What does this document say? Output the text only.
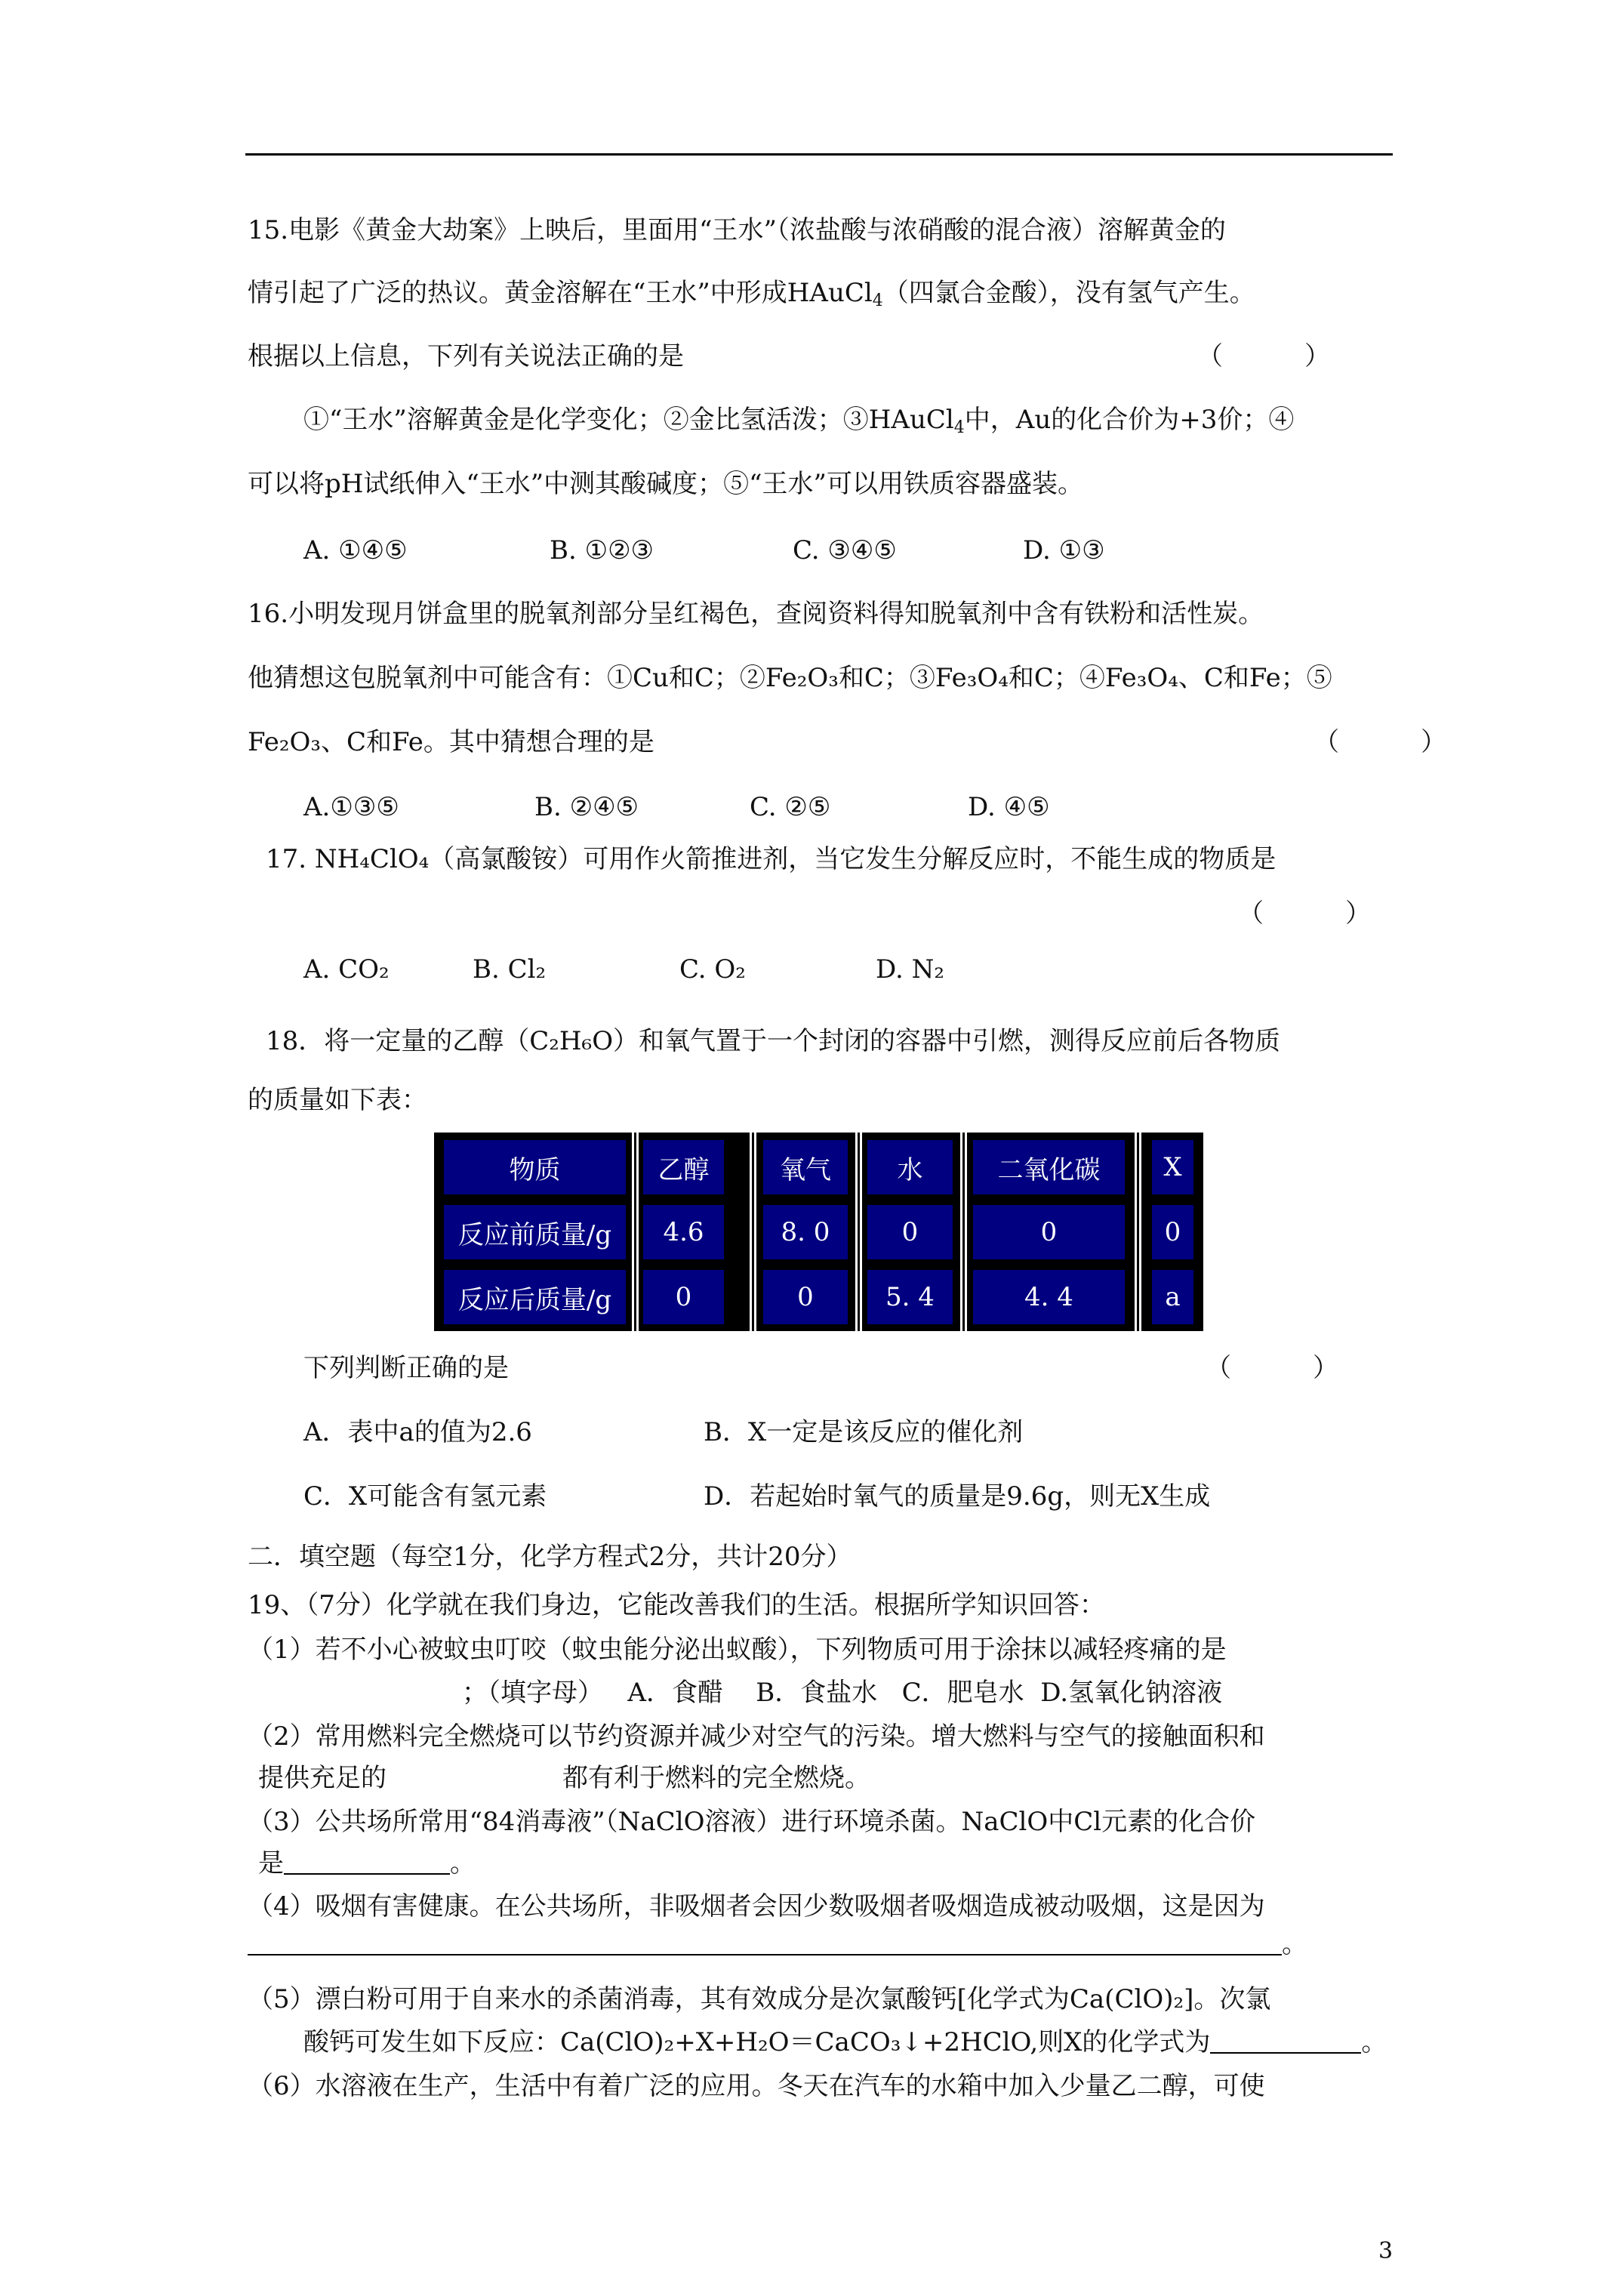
15.电影《黄金大劫案》上映后，里面用“王水”（浓盐酸与浓硝酸的混合液）溶解黄金的
情引起了广泛的热议。黄金溶解在“王水”中形成HAuCl$_4$（四氯合金酸），没有氢气产生。
根据以上信息，下列有关说法正确的是	（          ）
①“王水”溶解黄金是化学变化；②金比氢活泼；③HAuCl$_4$中，Au的化合价为+3价；④
可以将pH试纸伸入“王水”中测其酸碱度；⑤“王水”可以用铁质容器盛装。
A. ①④⑤	B. ①②③	C. ③④⑤	D. ①③
16.小明发现月饼盒里的脱氧剂部分呈红褐色，查阅资料得知脱氧剂中含有铁粉和活性炭。
他猜想这包脱氧剂中可能含有：①Cu和C；②Fe₂O₃和C；③Fe₃O₄和C；④Fe₃O₄、C和Fe；⑤
Fe₂O₃、C和Fe。其中猜想合理的是	（          ）
A.①③⑤	B. ②④⑤	C. ②⑤	D. ④⑤
17. NH₄ClO₄（高氯酸铵）可用作火箭推进剂，当它发生分解反应时，不能生成的物质是
（          ）
A. CO₂	B. Cl₂	C. O₂	D. N₂
18．将一定量的乙醇（C₂H₆O）和氧气置于一个封闭的容器中引燃，测得反应前后各物质
的质量如下表：
物质	乙醇	氧气	水	二氧化碳	X
反应前质量/g	4.6	8. 0	0	0	0
反应后质量/g	0	0	5. 4	4. 4	a
下列判断正确的是	（          ）
A．表中a的值为2.6	B．X一定是该反应的催化剂
C．X可能含有氢元素	D．若起始时氧气的质量是9.6g，则无X生成
二．填空题（每空1分，化学方程式2分，共计20分）
19、（7分）化学就在我们身边，它能改善我们的生活。根据所学知识回答：
（1）若不小心被蚊虫叮咬（蚊虫能分泌出蚁酸），下列物质可用于涂抹以减轻疼痛的是
；（填字母）   A．食醋    B．食盐水   C．肥皂水  D.氢氧化钠溶液
（2）常用燃料完全燃烧可以节约资源并减少对空气的污染。增大燃料与空气的接触面积和
提供充足的	都有利于燃料的完全燃烧。
（3）公共场所常用“84消毒液”（NaClO溶液）进行环境杀菌。NaClO中Cl元素的化合价
是	。
（4）吸烟有害健康。在公共场所，非吸烟者会因少数吸烟者吸烟造成被动吸烟，这是因为
。
（5）漂白粉可用于自来水的杀菌消毒，其有效成分是次氯酸钙[化学式为Ca(ClO)₂]。次氯
酸钙可发生如下反应：Ca(ClO)₂+X+H₂O＝CaCO₃↓+2HClO,则X的化学式为	。
（6）水溶液在生产，生活中有着广泛的应用。冬天在汽车的水箱中加入少量乙二醇，可使
3
